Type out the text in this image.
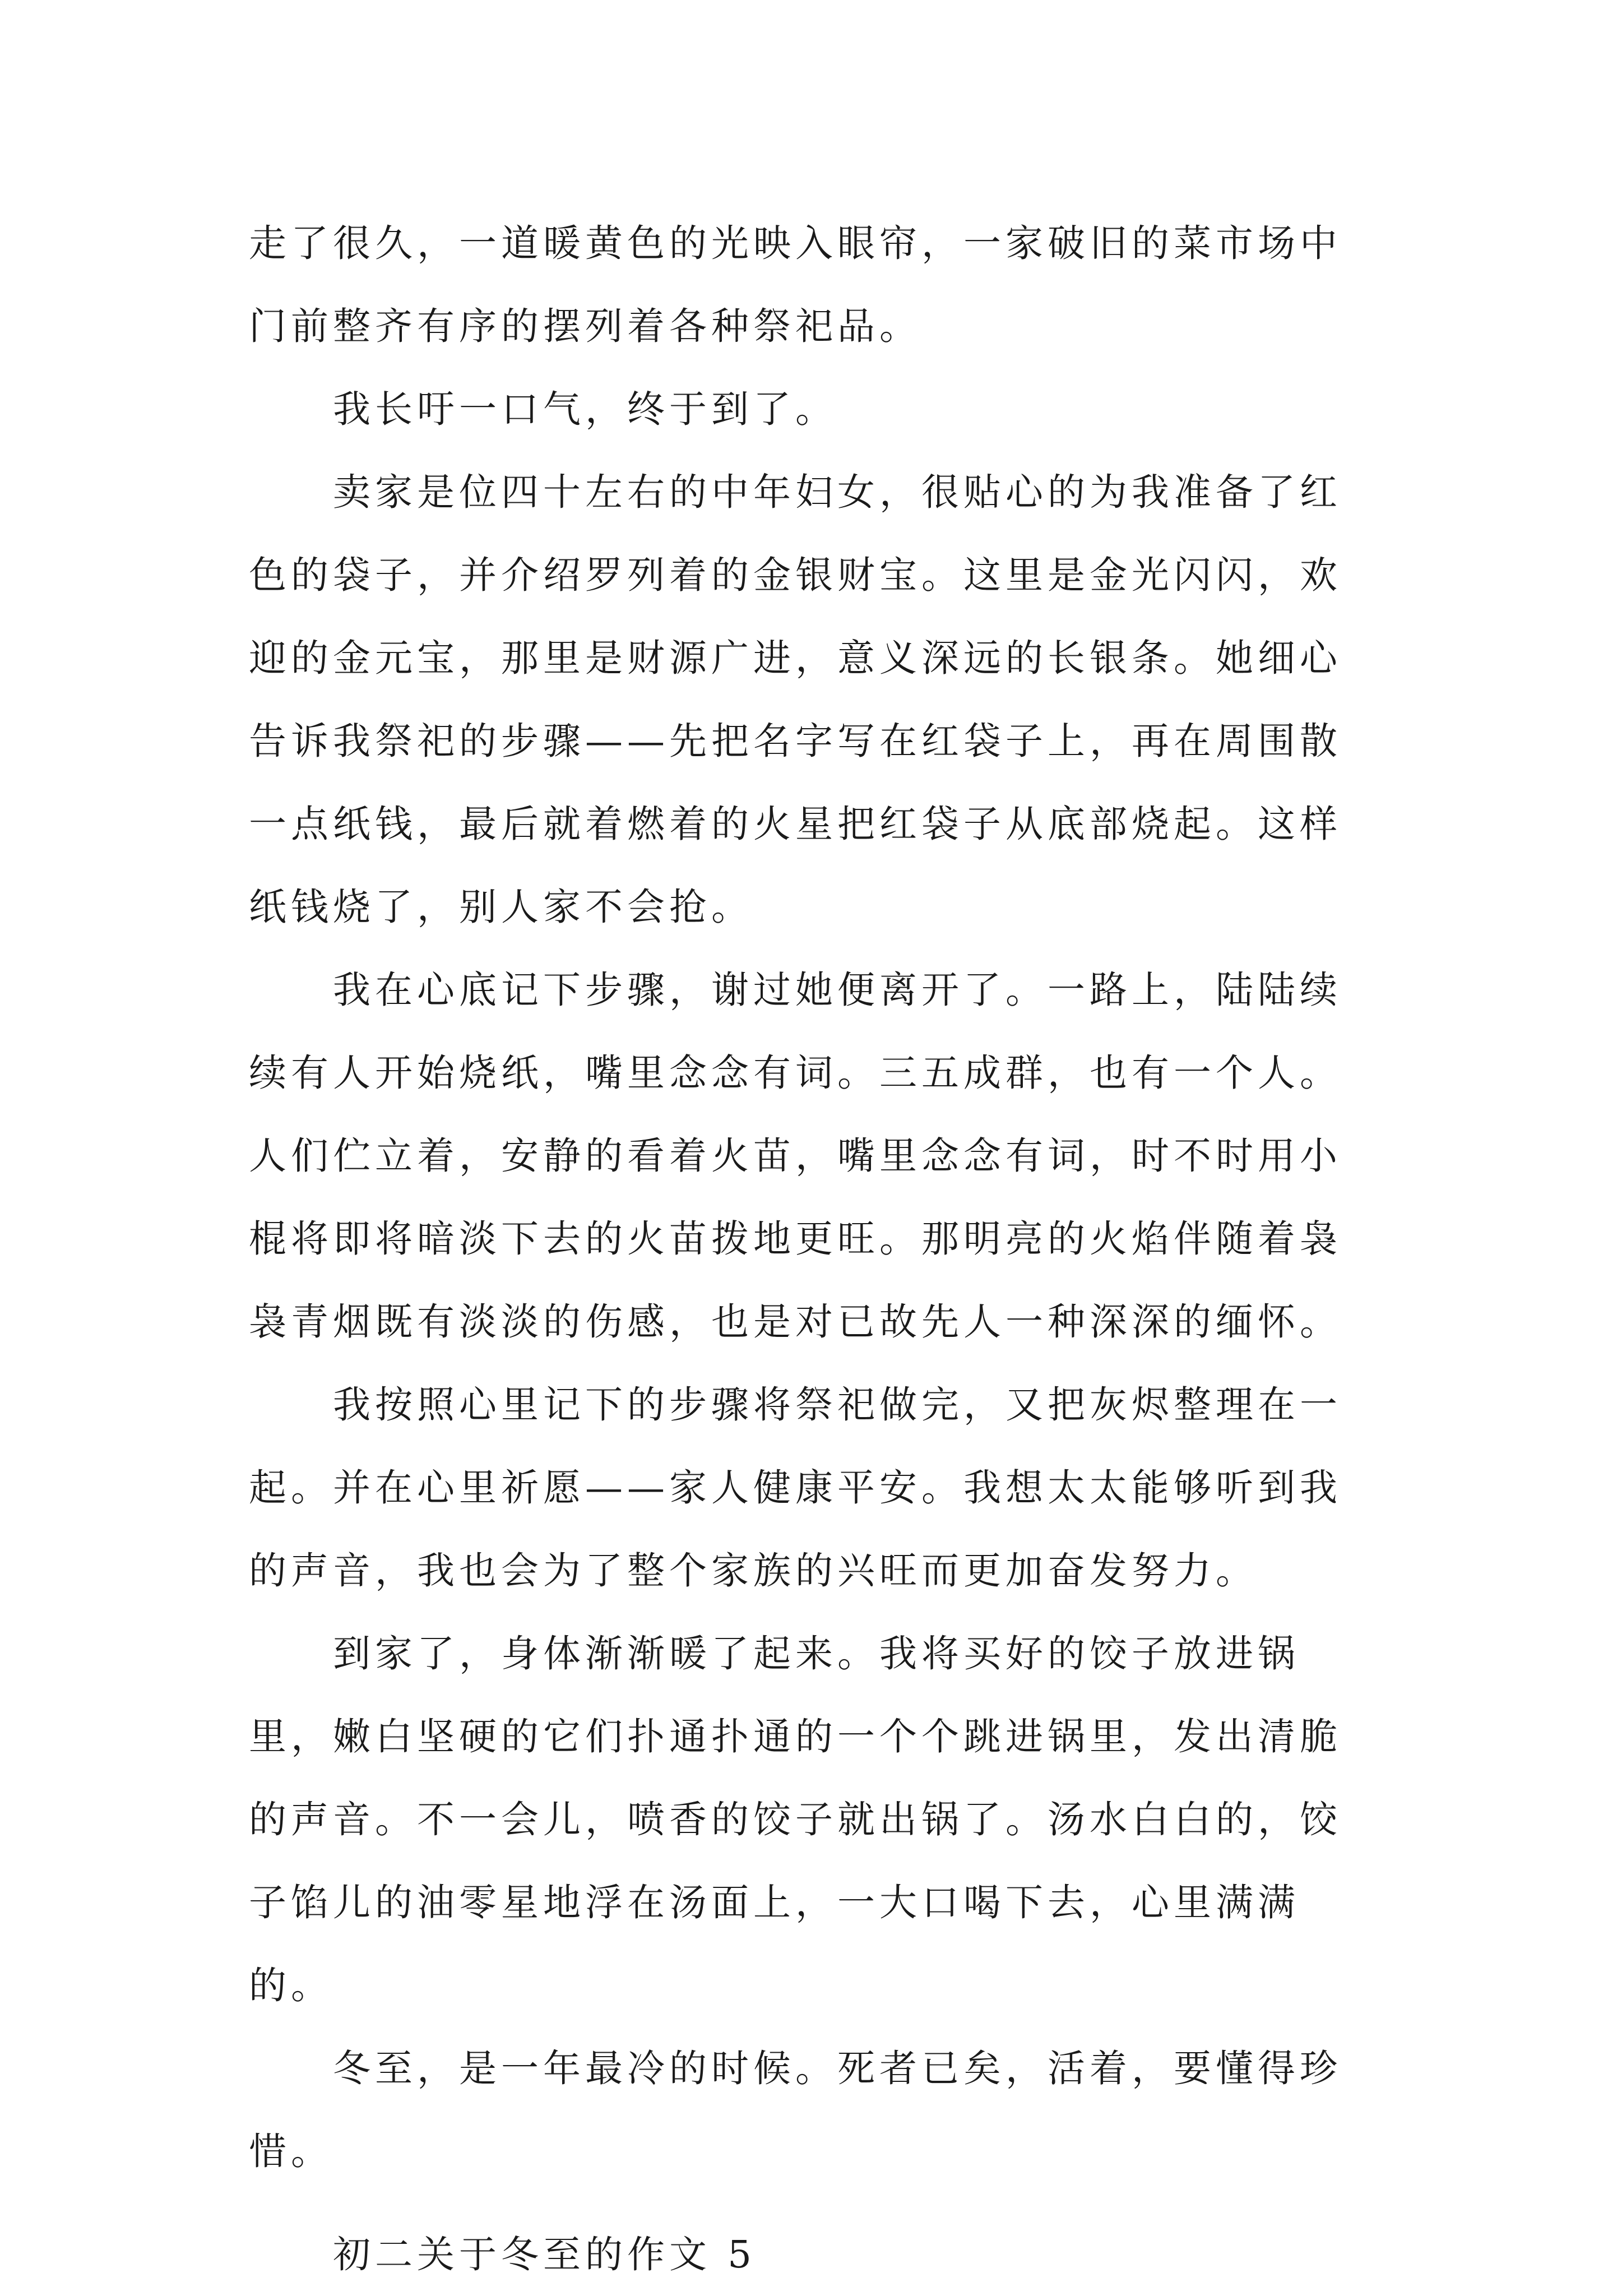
走了很久，一道暖黄色的光映入眼帘，一家破旧的菜市场中门前整齐有序的摆列着各种祭祀品。

我长吁一口气，终于到了。

卖家是位四十左右的中年妇女，很贴心的为我准备了红色的袋子，并介绍罗列着的金银财宝。这里是金光闪闪，欢迎的金元宝，那里是财源广进，意义深远的长银条。她细心告诉我祭祀的步骤——先把名字写在红袋子上，再在周围散一点纸钱，最后就着燃着的火星把红袋子从底部烧起。这样纸钱烧了，别人家不会抢。

我在心底记下步骤，谢过她便离开了。一路上，陆陆续续有人开始烧纸，嘴里念念有词。三五成群，也有一个人。人们伫立着，安静的看着火苗，嘴里念念有词，时不时用小棍将即将暗淡下去的火苗拨地更旺。那明亮的火焰伴随着袅袅青烟既有淡淡的伤感，也是对已故先人一种深深的缅怀。

我按照心里记下的步骤将祭祀做完，又把灰烬整理在一起。并在心里祈愿——家人健康平安。我想太太能够听到我的声音，我也会为了整个家族的兴旺而更加奋发努力。

到家了，身体渐渐暖了起来。我将买好的饺子放进锅里，嫩白坚硬的它们扑通扑通的一个个跳进锅里，发出清脆的声音。不一会儿，喷香的饺子就出锅了。汤水白白的，饺子馅儿的油零星地浮在汤面上，一大口喝下去，心里满满的。

冬至，是一年最冷的时候。死者已矣，活着，要懂得珍惜。

初二关于冬至的作文 5
